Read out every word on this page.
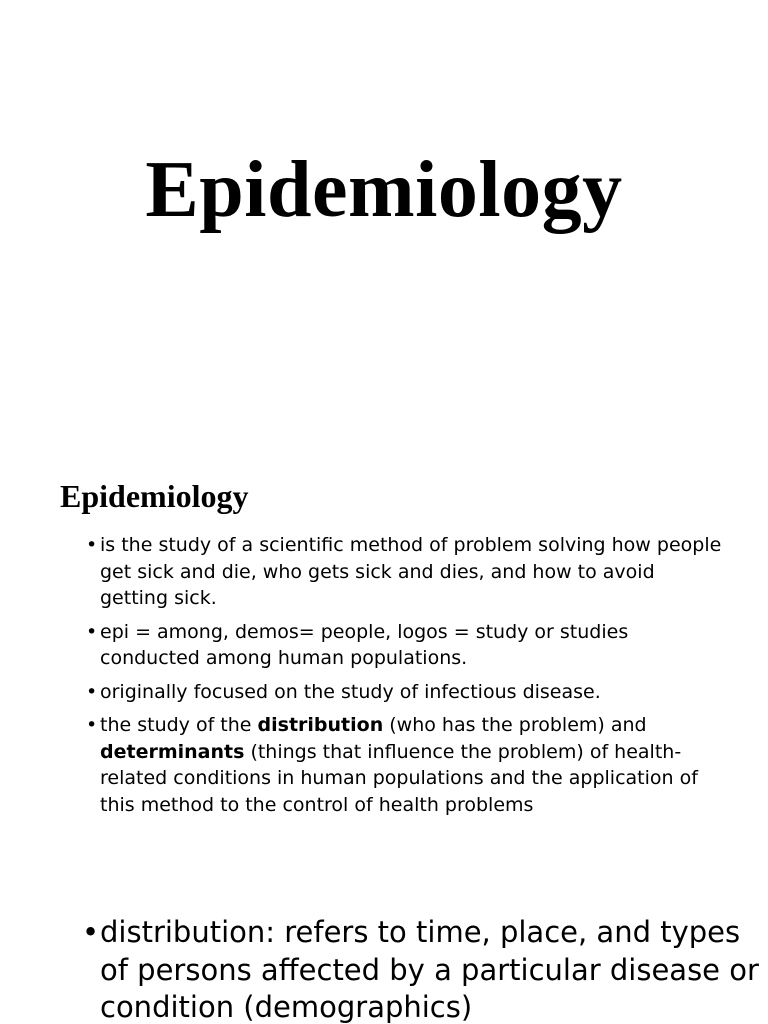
Epidemiology
Epidemiology
• is the study of a scientific method of problem solving how people get sick and die, who gets sick and dies, and how to avoid getting sick.
• epi = among, demos= people, logos = study or studies conducted among human populations.
• originally focused on the study of infectious disease.
• the study of the distribution (who has the problem) and determinants (things that influence the problem) of health-related conditions in human populations and the application of this method to the control of health problems

• distribution: refers to time, place, and types of persons affected by a particular disease or condition (demographics)
